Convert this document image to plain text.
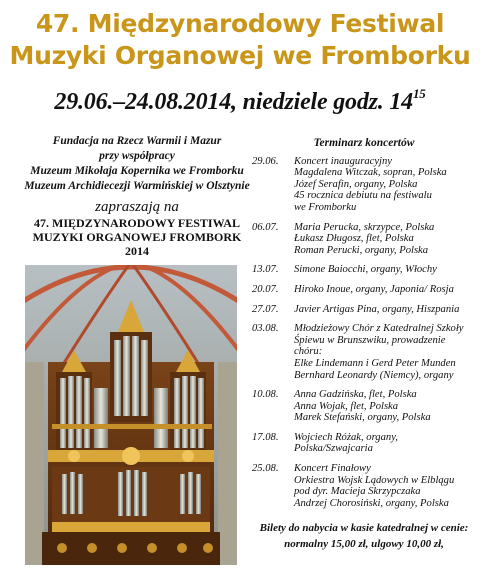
47. Międzynarodowy Festiwal
Muzyki Organowej we Fromborku
29.06.–24.08.2014, niedziele godz. $14^{15}$
Fundacja na Rzecz Warmii i Mazur
przy współpracy
Muzeum Mikołaja Kopernika we Fromborku
Muzeum Archidiecezji Warmińskiej w Olsztynie
zapraszają na
47. MIĘDZYNARODOWY FESTIWAL
MUZYKI ORGANOWEJ FROMBORK
2014
Terminarz koncertów
29.06.	Koncert inauguracyjny
Magdalena Witczak, sopran, Polska
Józef Serafin, organy, Polska
45 rocznica debiutu na festiwalu
we Fromborku
06.07.	Maria Perucka, skrzypce, Polska
Łukasz Długosz, flet, Polska
Roman Perucki, organy, Polska
13.07.	Simone Baiocchi, organy, Włochy
20.07.	Hiroko Inoue, organy, Japonia/ Rosja
27.07.	Javier Artigas Pina, organy, Hiszpania
03.08.	Młodzieżowy Chór z Katedralnej Szkoły
Śpiewu w Brunszwiku, prowadzenie chóru:
Elke Lindemann i Gerd Peter Munden
Bernhard Leonardy (Niemcy), organy
10.08.	Anna Gadzińska, flet, Polska
Anna Wojak, flet, Polska
Marek Stefański, organy, Polska
17.08.	Wojciech Różak, organy, Polska/Szwajcaria
25.08.	Koncert Finałowy
Orkiestra Wojsk Lądowych w Elblągu
pod dyr. Macieja Skrzypczaka
Andrzej Chorosiński, organy, Polska
Bilety do nabycia w kasie katedralnej w cenie:
normalny 15,00 zł, ulgowy 10,00 zł,
